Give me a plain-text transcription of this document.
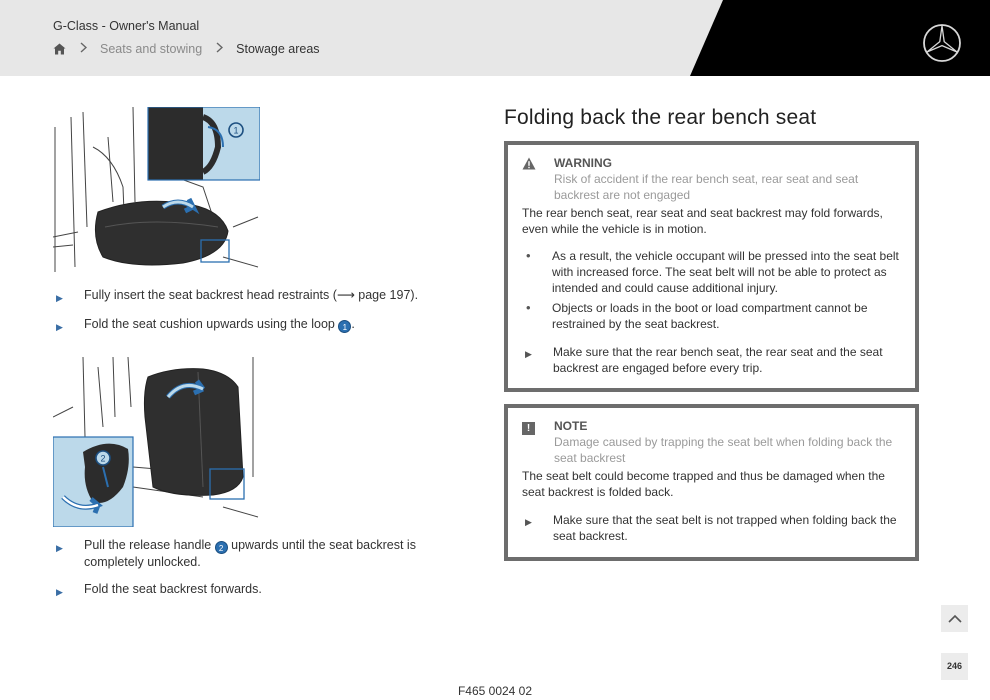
G-Class - Owner's Manual
Seats and stowing	Stowage areas
1
▶	Fully insert the seat backrest head restraints (⟶ page 197).
▶	Fold the seat cushion upwards using the loop 1 .
2
▶	Pull the release handle 2 upwards until the seat backrest is completely unlocked.
▶	Fold the seat backrest forwards.
Folding back the rear bench seat
WARNING
Risk of accident if the rear bench seat, rear seat and seat backrest are not engaged
The rear bench seat, rear seat and seat backrest may fold forwards, even while the vehicle is in motion.
•	As a result, the vehicle occupant will be pressed into the seat belt with increased force. The seat belt will not be able to protect as intended and could cause additional injury.
•	Objects or loads in the boot or load compartment cannot be restrained by the seat backrest.
▶	Make sure that the rear bench seat, the rear seat and the seat backrest are engaged before every trip.
!	NOTE
Damage caused by trapping the seat belt when folding back the seat backrest
The seat belt could become trapped and thus be damaged when the seat backrest is folded back.
▶	Make sure that the seat belt is not trapped when folding back the seat backrest.
246
F465 0024 02
